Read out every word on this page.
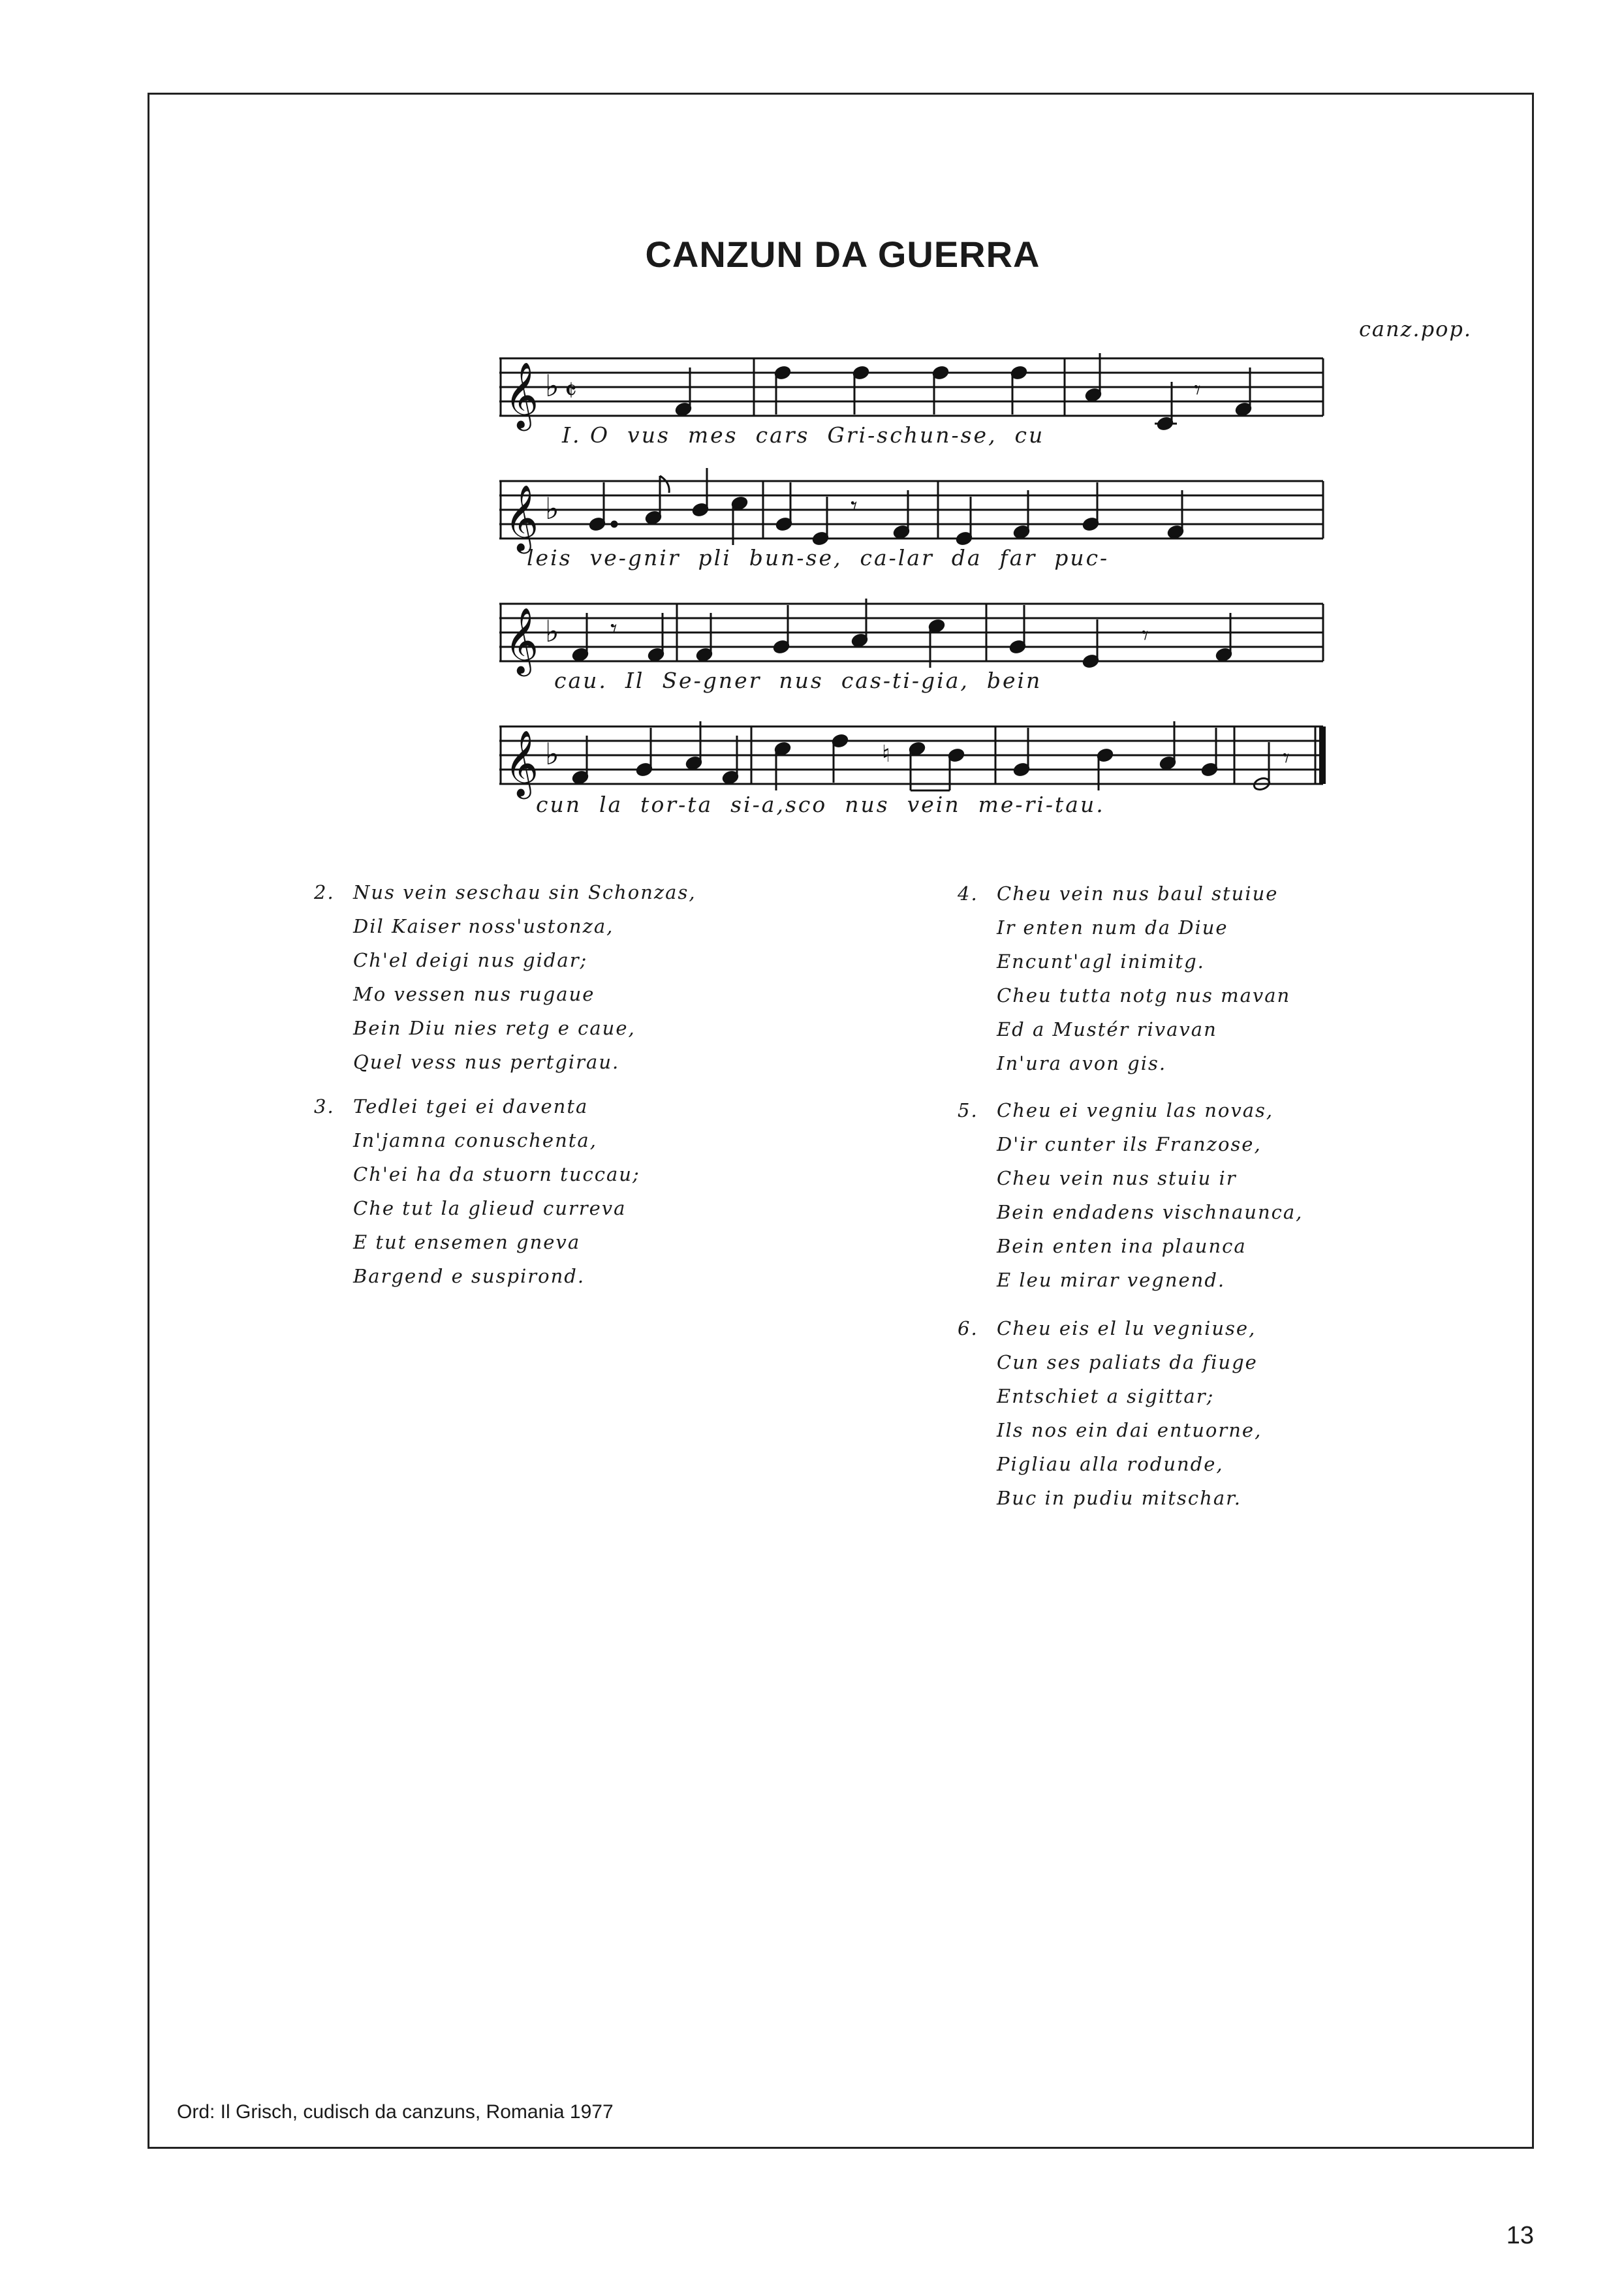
CANZUN DA GUERRA
canz.pop.
𝄞 ♭ 𝄵	𝄾
I. O  vus  mes  cars  Gri-schun-se,  cu
𝄞 ♭	𝄾
leis  ve-gnir  pli  bun-se,  ca-lar  da  far  puc-
𝄞 ♭ 𝄾	𝄾
cau.  Il  Se-gner  nus  cas-ti-gia,  bein
𝄞 ♭	♮	𝄾
cun  la  tor-ta  si-a,sco  nus  vein  me-ri-tau.
2. Nus vein seschau sin Schonzas,
Dil Kaiser noss'ustonza,
Ch'el deigi nus gidar;
Mo vessen nus rugaue
Bein Diu nies retg e caue,
Quel vess nus pertgirau.
3. Tedlei tgei ei daventa
In'jamna conuschenta,
Ch'ei ha da stuorn tuccau;
Che tut la glieud curreva
E tut ensemen gneva
Bargend e suspirond.
4. Cheu vein nus baul stuiue
Ir enten num da Diue
Encunt'agl inimitg.
Cheu tutta notg nus mavan
Ed a Mustér rivavan
In'ura avon gis.
5. Cheu ei vegniu las novas,
D'ir cunter ils Franzose,
Cheu vein nus stuiu ir
Bein endadens vischnaunca,
Bein enten ina plaunca
E leu mirar vegnend.
6. Cheu eis el lu vegniuse,
Cun ses paliats da fiuge
Entschiet a sigittar;
Ils nos ein dai entuorne,
Pigliau alla rodunde,
Buc in pudiu mitschar.
Ord: Il Grisch, cudisch da canzuns, Romania 1977
13
